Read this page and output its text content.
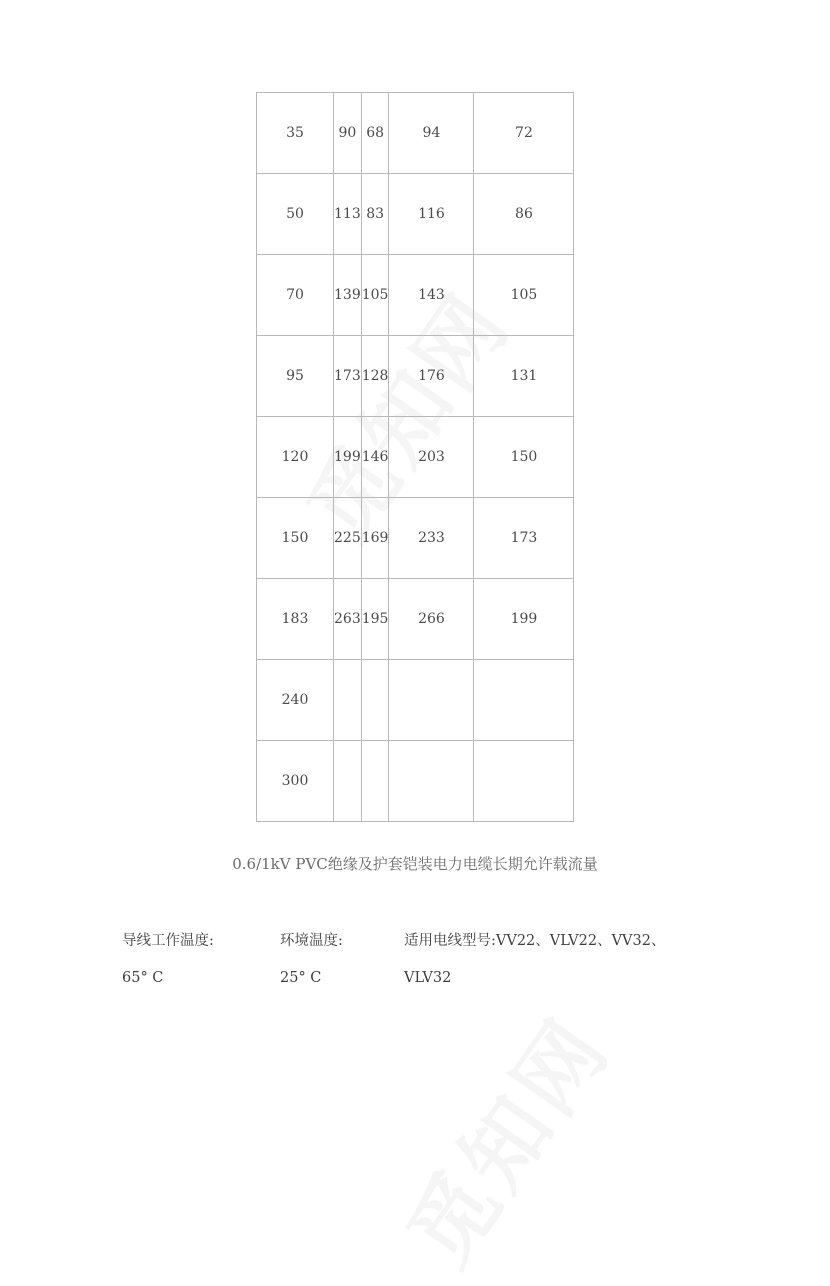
35	90	68	94	72
50	113	83	116	86
70	139	105	143	105
95	173	128	176	131
120	199	146	203	150
150	225	169	233	173
183	263	195	266	199
240				
300				
0.6/1kV PVC绝缘及护套铠装电力电缆长期允许载流量
导线工作温度:	环境温度:	适用电线型号:VV22、VLV22、VV32、
65° C	25° C	VLV32
